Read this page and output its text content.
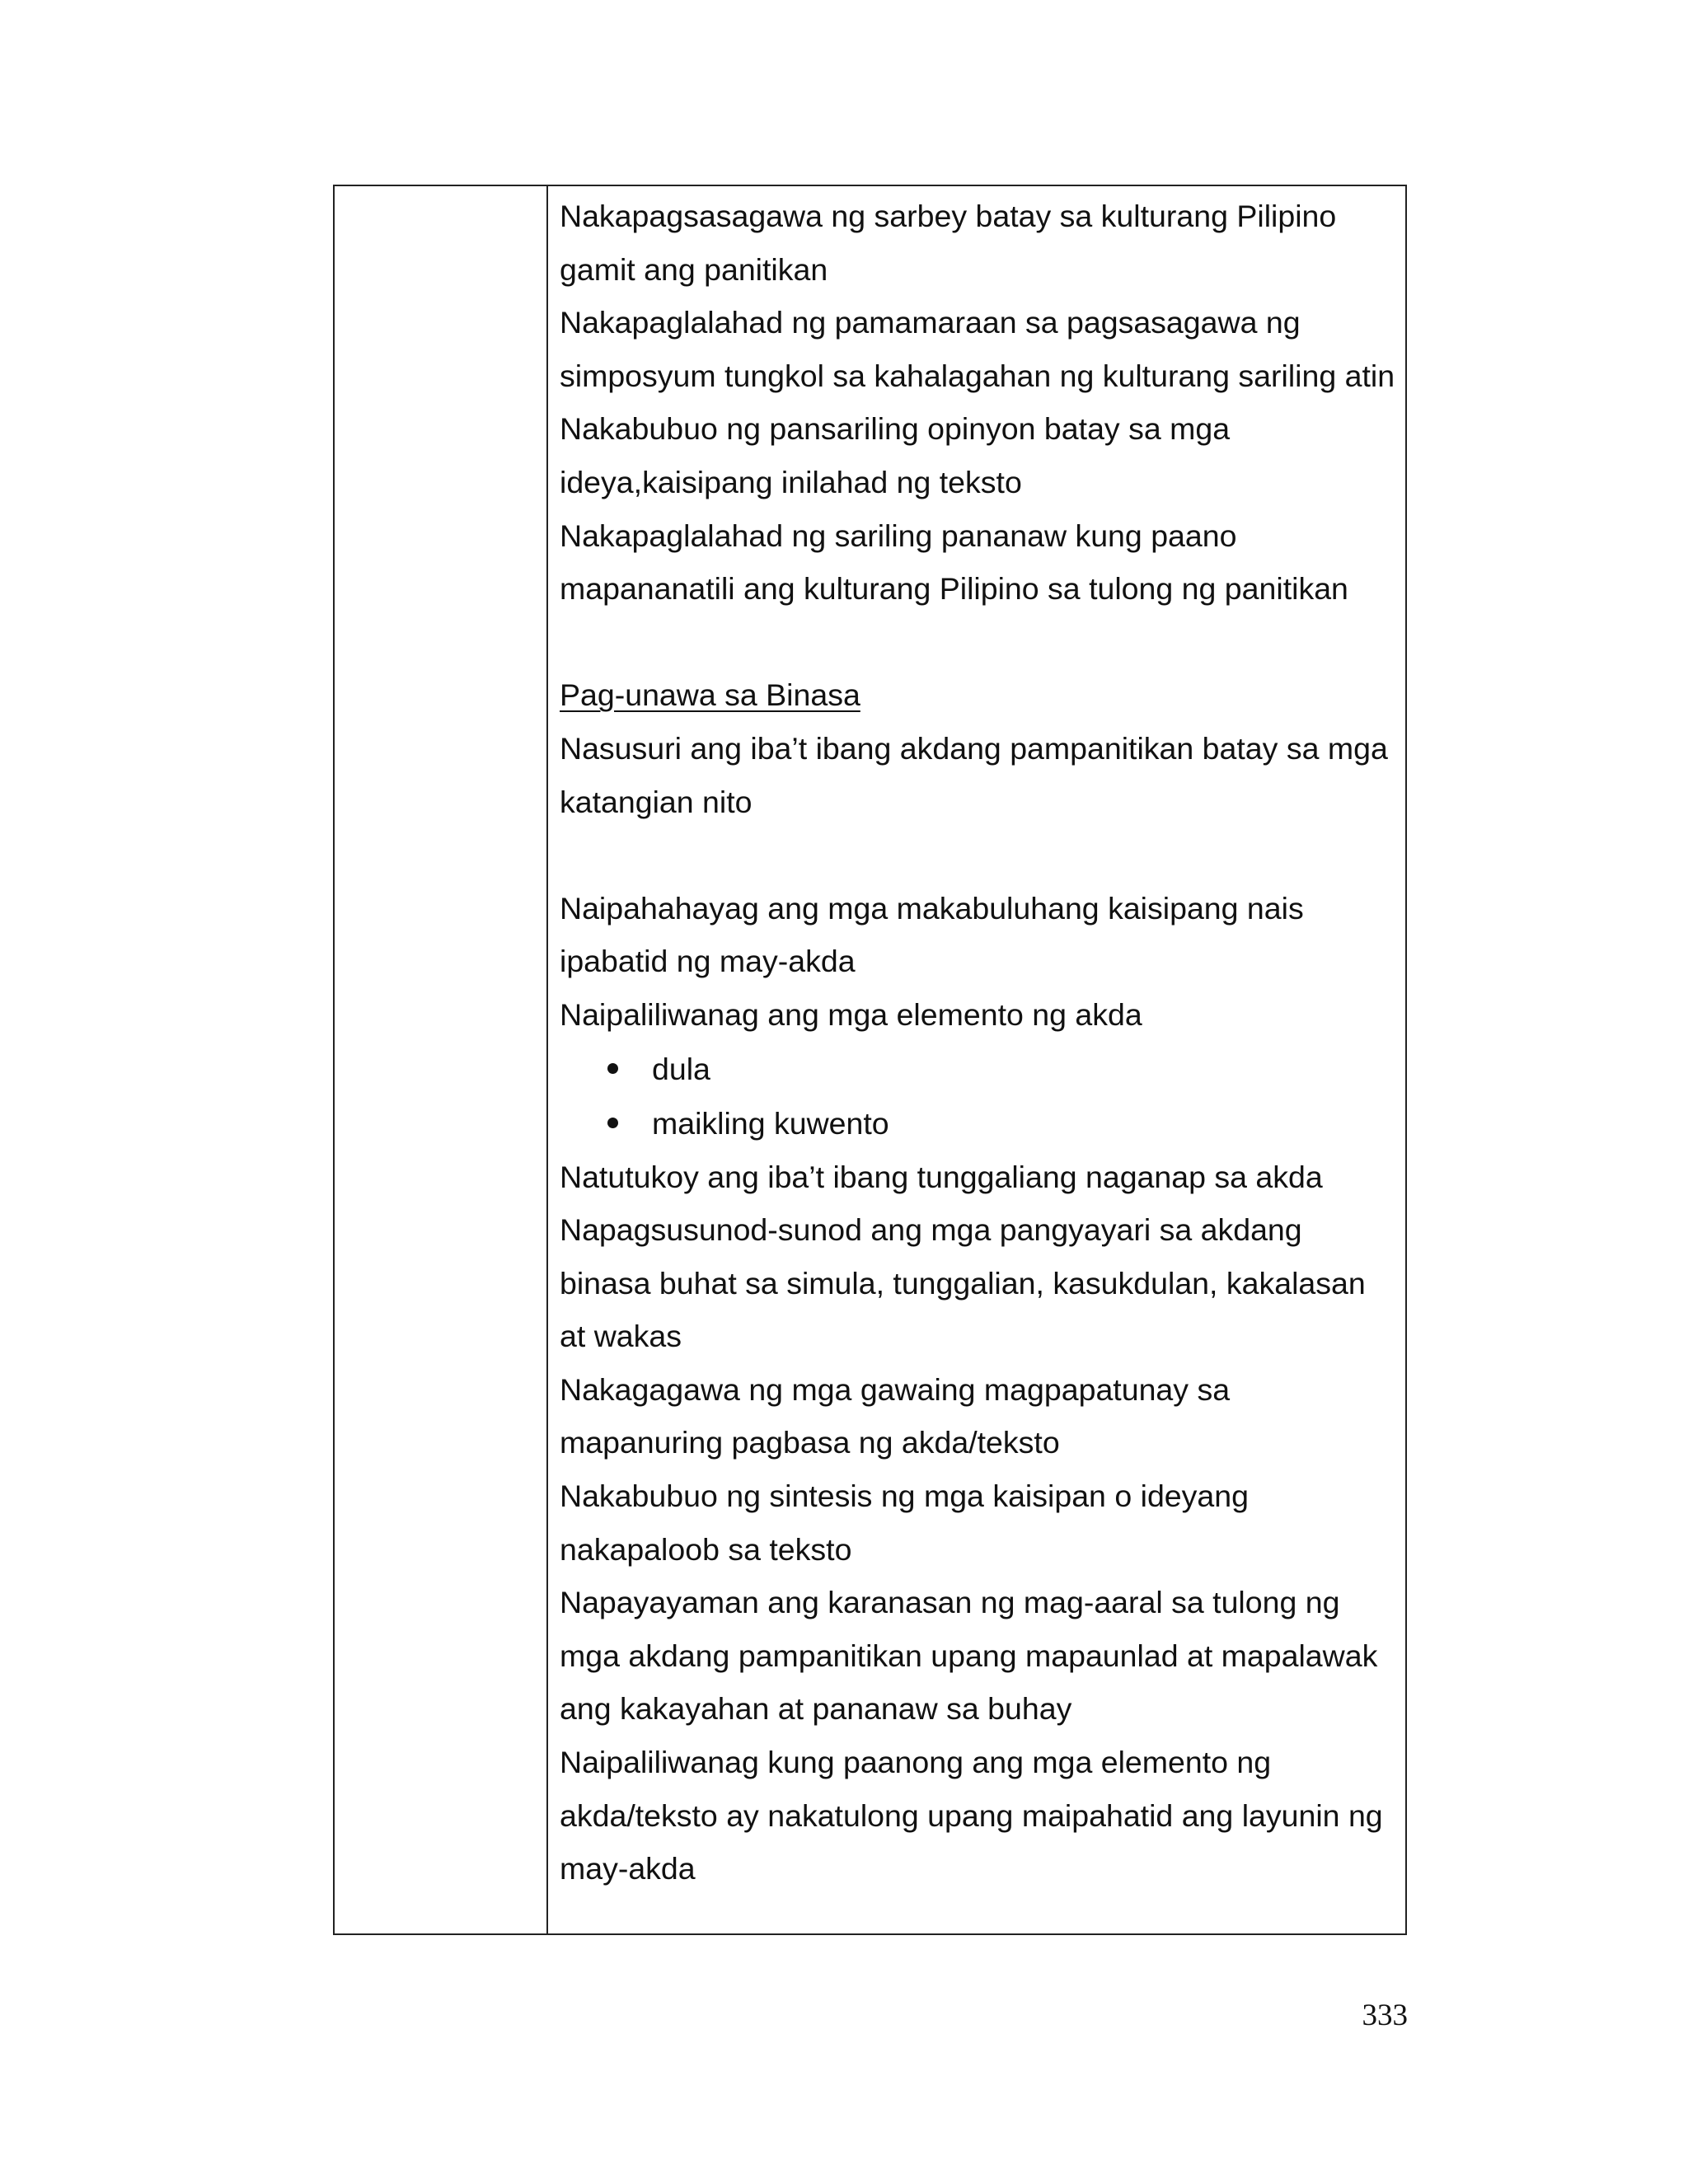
Nakapagsasagawa ng sarbey batay sa kulturang Pilipino
gamit ang panitikan
Nakapaglalahad ng pamamaraan sa pagsasagawa ng
simposyum tungkol sa kahalagahan ng kulturang sariling atin
Nakabubuo ng pansariling opinyon batay sa mga
ideya,kaisipang inilahad ng teksto
Nakapaglalahad ng sariling pananaw kung paano
mapananatili ang kulturang Pilipino sa tulong ng panitikan
Pag-unawa sa Binasa
Nasusuri ang iba’t ibang akdang pampanitikan batay sa mga
katangian nito
Naipahahayag ang mga makabuluhang kaisipang nais
ipabatid ng may-akda
Naipaliliwanag ang mga elemento ng akda
dula
maikling kuwento
Natutukoy ang iba’t ibang tunggaliang naganap sa akda
Napagsusunod-sunod ang mga pangyayari sa akdang
binasa buhat sa simula, tunggalian, kasukdulan, kakalasan
at wakas
Nakagagawa ng mga gawaing magpapatunay sa
mapanuring pagbasa ng akda/teksto
Nakabubuo ng sintesis ng mga kaisipan o ideyang
nakapaloob sa teksto
Napayayaman ang karanasan ng mag-aaral sa tulong ng
mga akdang pampanitikan upang mapaunlad at mapalawak
ang kakayahan at pananaw sa buhay
Naipaliliwanag kung paanong ang mga elemento ng
akda/teksto ay nakatulong upang maipahatid ang layunin ng
may-akda
333
